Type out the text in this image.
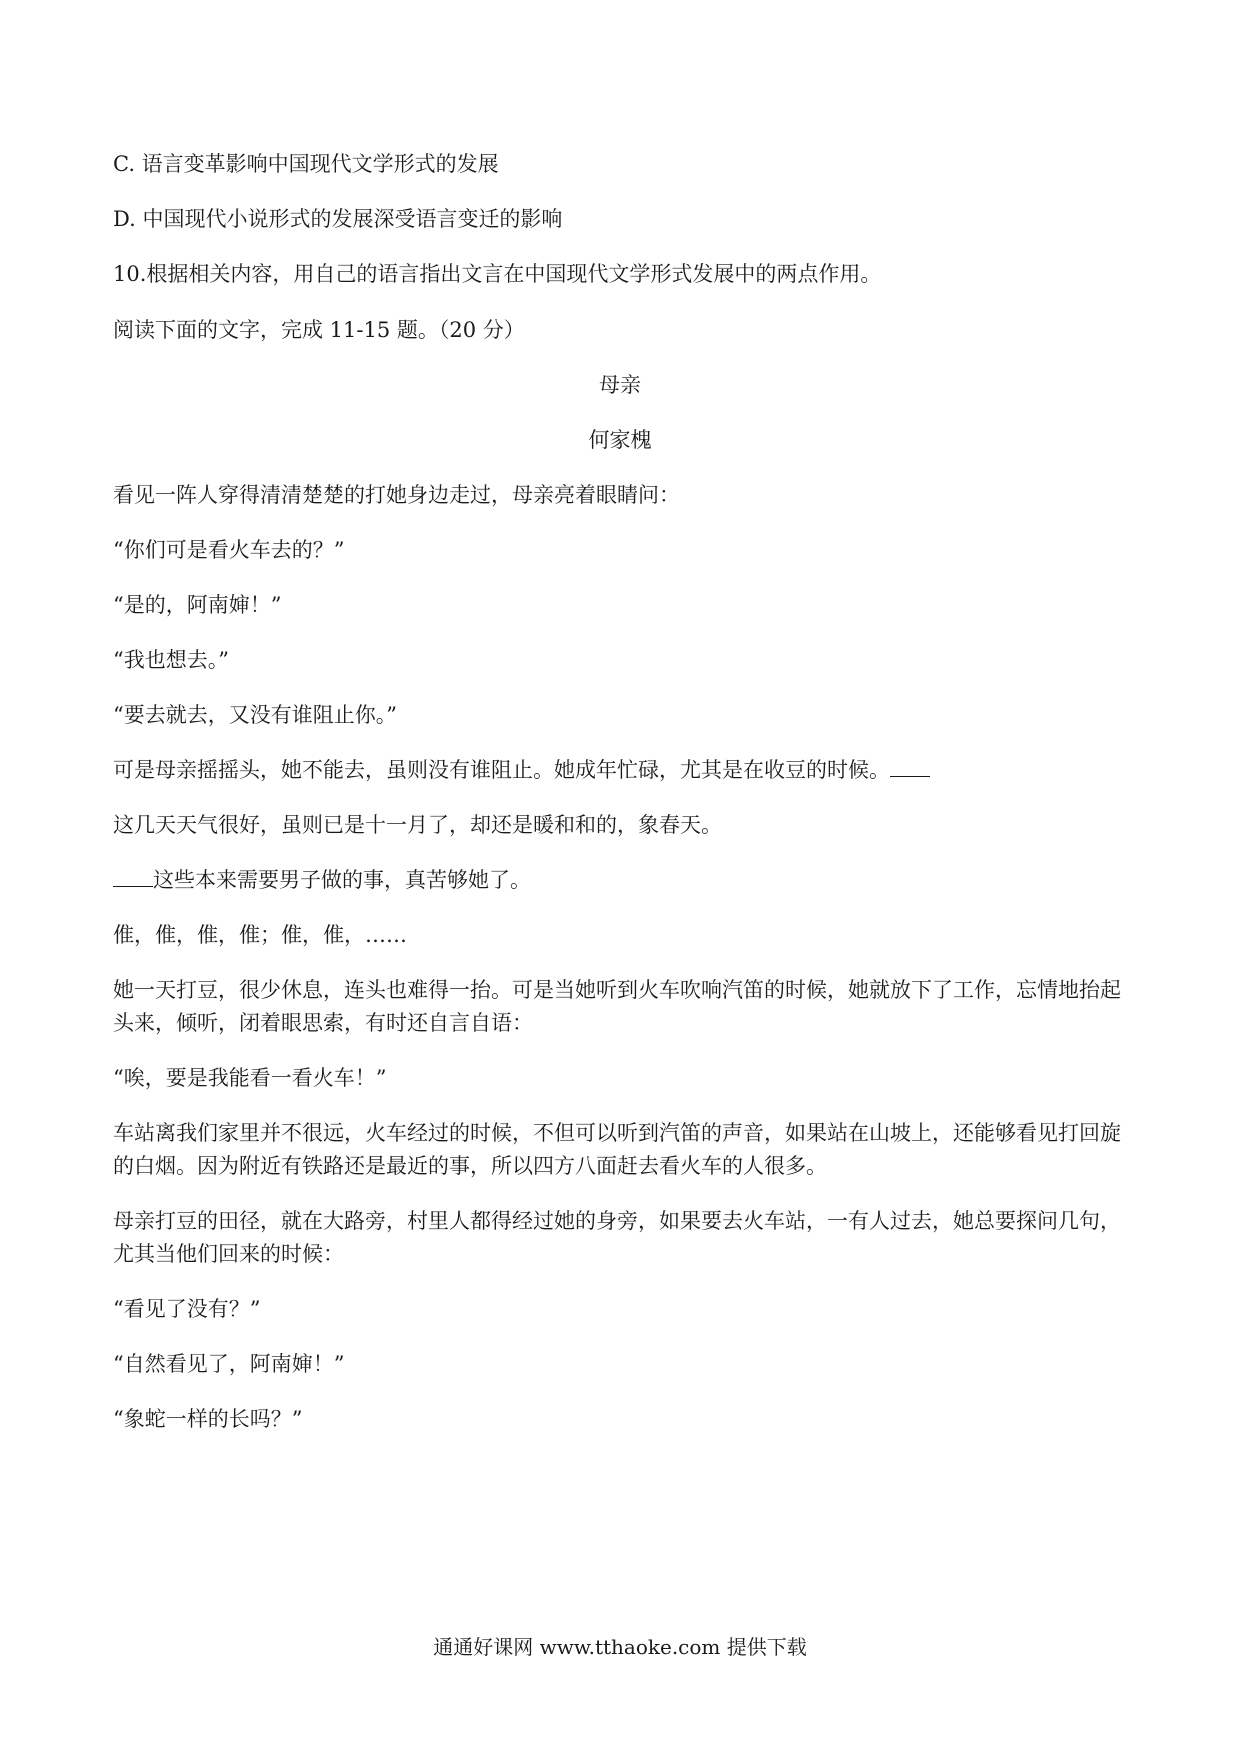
C. 语言变革影响中国现代文学形式的发展
D. 中国现代小说形式的发展深受语言变迁的影响
10.根据相关内容，用自己的语言指出文言在中国现代文学形式发展中的两点作用。
阅读下面的文字，完成 11-15 题。（20 分）
母亲
何家槐
看见一阵人穿得清清楚楚的打她身边走过，母亲亮着眼睛问：
“你们可是看火车去的？”
“是的，阿南婶！”
“我也想去。”
“要去就去，又没有谁阻止你。”
可是母亲摇摇头，她不能去，虽则没有谁阻止。她成年忙碌，尤其是在收豆的时候。
这几天天气很好，虽则已是十一月了，却还是暖和和的，象春天。
这些本来需要男子做的事，真苦够她了。
倠，倠，倠，倠；倠，倠，……
她一天打豆，很少休息，连头也难得一抬。可是当她听到火车吹响汽笛的时候，她就放下了工作，忘情地抬起头来，倾听，闭着眼思索，有时还自言自语：
“唉，要是我能看一看火车！”
车站离我们家里并不很远，火车经过的时候，不但可以听到汽笛的声音，如果站在山坡上，还能够看见打回旋的白烟。因为附近有铁路还是最近的事，所以四方八面赶去看火车的人很多。
母亲打豆的田径，就在大路旁，村里人都得经过她的身旁，如果要去火车站，一有人过去，她总要探问几句，尤其当他们回来的时候：
“看见了没有？”
“自然看见了，阿南婶！”
“象蛇一样的长吗？”
通通好课网 www.tthaoke.com 提供下载
